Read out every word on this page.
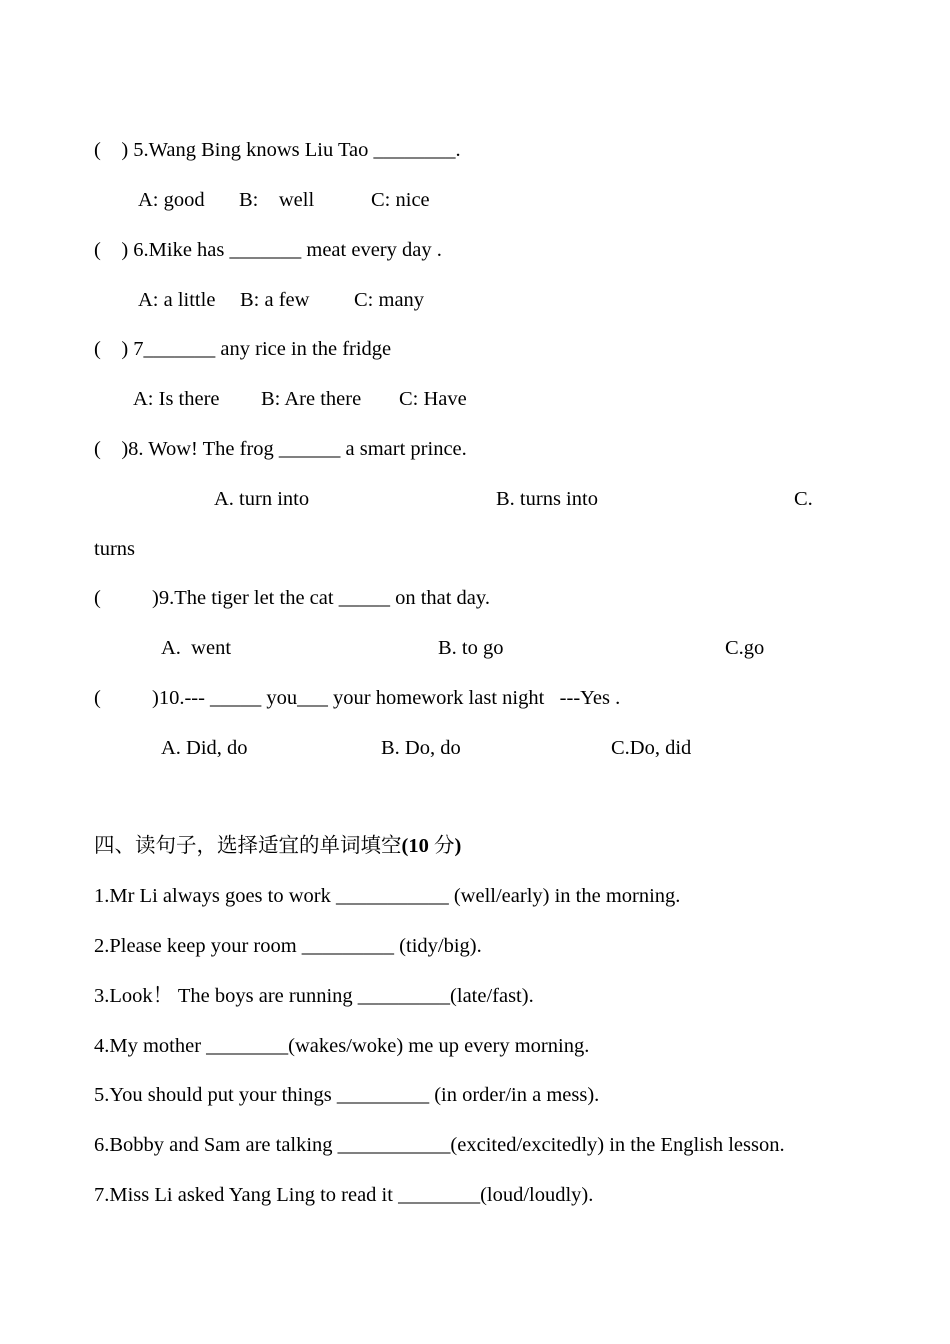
(    ) 5.Wang Bing knows Liu Tao ________.
A: good B:    well	C: nice
(    ) 6.Mike has _______ meat every day .
A: a little B: a few C: many
(    ) 7_______ any rice in the fridge
A: Is there B: Are there C: Have
(    )8. Wow! The frog ______ a smart prince.
A. turn into	B. turns into	C.
turns
( )9.The tiger let the cat _____ on that day.
A.  went	B. to go	C.go
( )10.--- _____ you___ your homework last night   ---Yes .
A. Did, do	B. Do, do	C.Do, did
四、读句子，选择适宜的单词填空(10 分)
1.Mr Li always goes to work ___________ (well/early) in the morning.
2.Please keep your room _________ (tidy/big).
3.Look！ The boys are running _________(late/fast).
4.My mother ________(wakes/woke) me up every morning.
5.You should put your things _________ (in order/in a mess).
6.Bobby and Sam are talking ___________(excited/excitedly) in the English lesson.
7.Miss Li asked Yang Ling to read it ________(loud/loudly).
